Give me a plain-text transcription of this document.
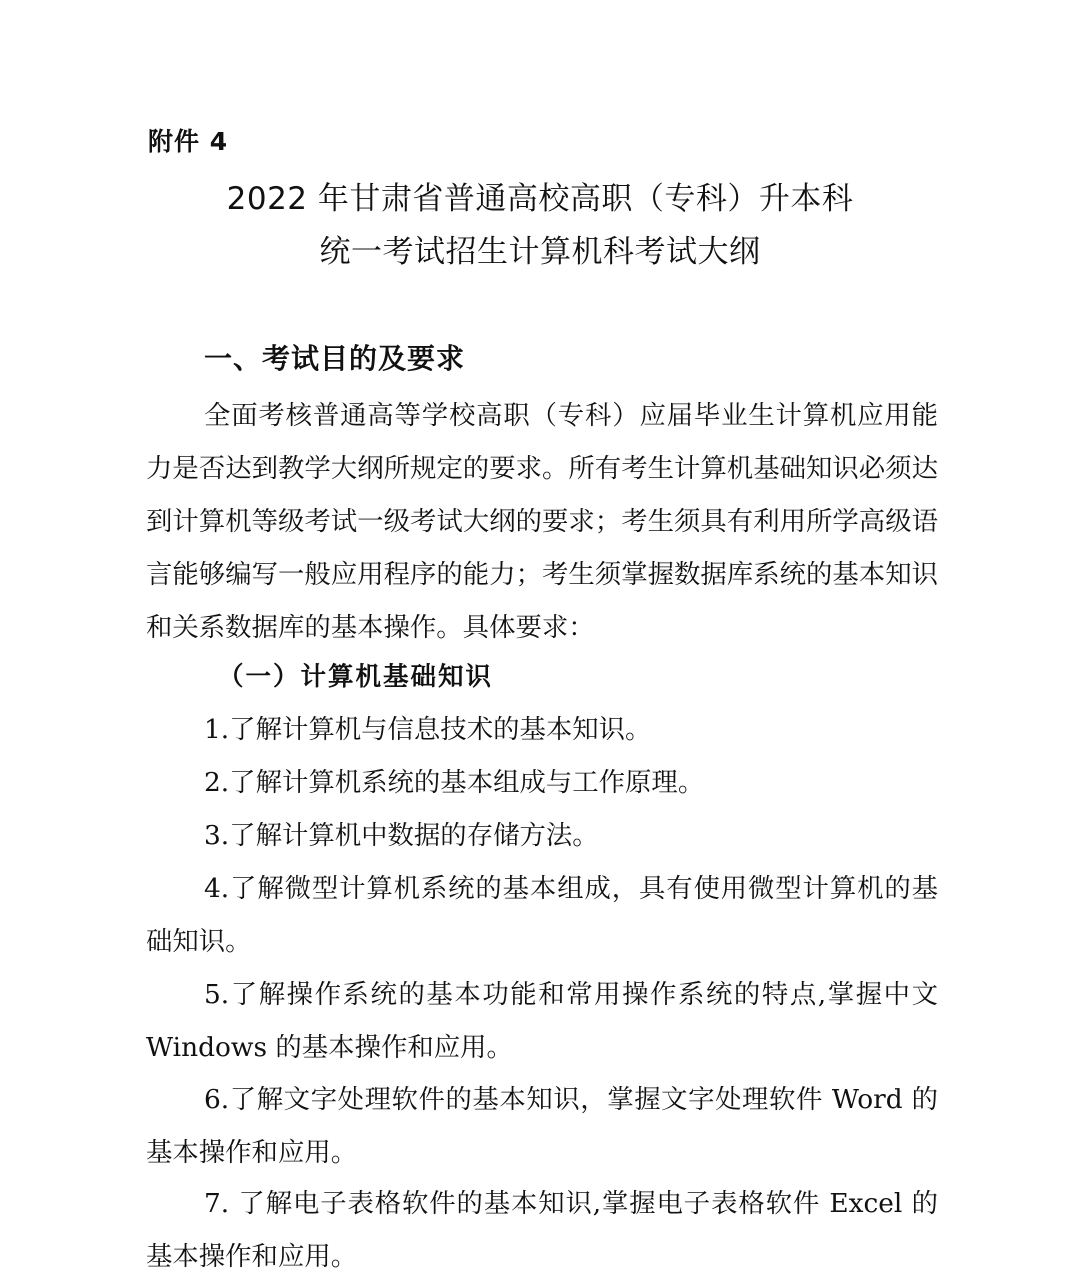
附件 4
2022 年甘肃省普通高校高职（专科）升本科
统一考试招生计算机科考试大纲
一、考试目的及要求

全面考核普通高等学校高职（专科）应届毕业生计算机应用能力是否达到教学大纲所规定的要求。所有考生计算机基础知识必须达到计算机等级考试一级考试大纲的要求；考生须具有利用所学高级语言能够编写一般应用程序的能力；考生须掌握数据库系统的基本知识和关系数据库的基本操作。具体要求：

（一）计算机基础知识

1.了解计算机与信息技术的基本知识。

2.了解计算机系统的基本组成与工作原理。

3.了解计算机中数据的存储方法。

4.了解微型计算机系统的基本组成，具有使用微型计算机的基础知识。

5.了解操作系统的基本功能和常用操作系统的特点,掌握中文 Windows 的基本操作和应用。

6.了解文字处理软件的基本知识，掌握文字处理软件 Word 的基本操作和应用。

7. 了解电子表格软件的基本知识,掌握电子表格软件 Excel 的基本操作和应用。
